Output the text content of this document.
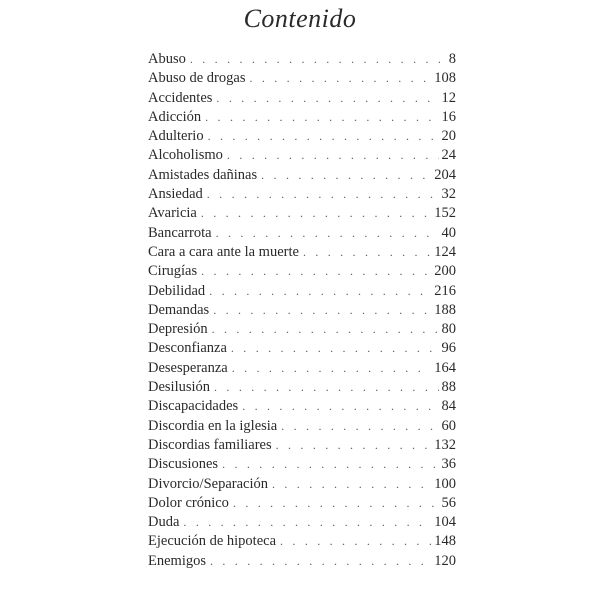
Contenido
Abuso . . .	8
Abuso de drogas . . .	108
Accidentes . . .	12
Adicción . . .	16
Adulterio . . .	20
Alcoholismo . . .	24
Amistades dañinas . . .	204
Ansiedad . . .	32
Avaricia . . .	152
Bancarrota . . .	40
Cara a cara ante la muerte . . .	124
Cirugías . . .	200
Debilidad . . .	216
Demandas . . .	188
Depresión . . .	80
Desconfianza . . .	96
Desesperanza . . .	164
Desilusión . . .	88
Discapacidades . . .	84
Discordia en la iglesia . . .	60
Discordias familiares . . .	132
Discusiones . . .	36
Divorcio/Separación . . .	100
Dolor crónico . . .	56
Duda . . .	104
Ejecución de hipoteca . . .	148
Enemigos . . .	120
